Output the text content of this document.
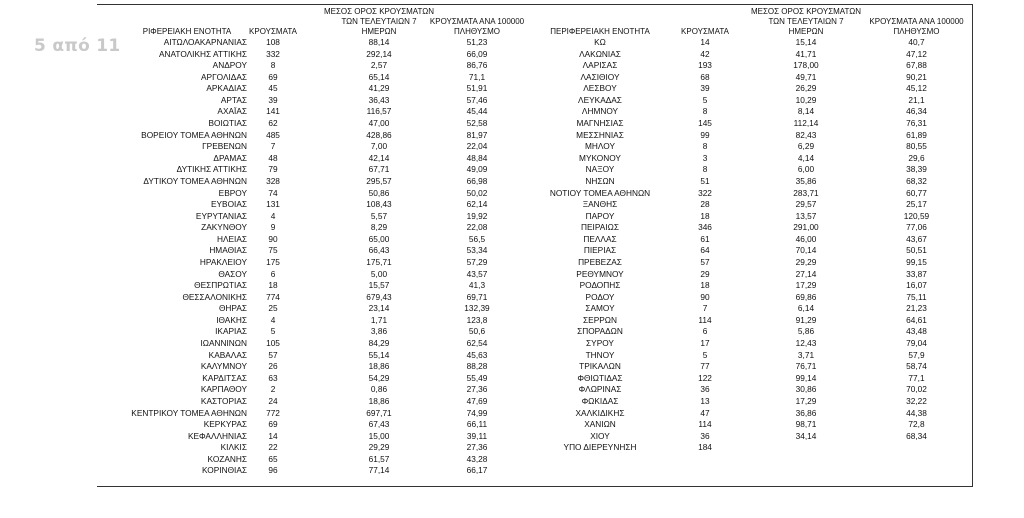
5 από 11
ΡΙΦΕΡΕΙΑΚΗ ΕΝΟΤΗΤΑ	ΚΡΟΥΣΜΑΤΑ
ΜΕΣΟΣ ΟΡΟΣ ΚΡΟΥΣΜΑΤΩΝ ΤΩΝ ΤΕΛΕΥΤΑΙΩΝ 7 ΗΜΕΡΩΝ
ΚΡΟΥΣΜΑΤΑ ΑΝΑ 100000 ΠΛΗΘΥΣΜΟ
ΑΙΤΩΛΟΑΚΑΡΝΑΝΙΑΣ	108	88,14	51,23
ΑΝΑΤΟΛΙΚΗΣ ΑΤΤΙΚΗΣ	332	292,14	66,09
ΑΝΔΡΟΥ	8	2,57	86,76
ΑΡΓΟΛΙΔΑΣ	69	65,14	71,1
ΑΡΚΑΔΙΑΣ	45	41,29	51,91
ΑΡΤΑΣ	39	36,43	57,46
ΑΧΑΪΑΣ	141	116,57	45,44
ΒΟΙΩΤΙΑΣ	62	47,00	52,58
ΒΟΡΕΙΟΥ ΤΟΜΕΑ ΑΘΗΝΩΝ	485	428,86	81,97
ΓΡΕΒΕΝΩΝ	7	7,00	22,04
ΔΡΑΜΑΣ	48	42,14	48,84
ΔΥΤΙΚΗΣ ΑΤΤΙΚΗΣ	79	67,71	49,09
ΔΥΤΙΚΟΥ ΤΟΜΕΑ ΑΘΗΝΩΝ	328	295,57	66,98
ΕΒΡΟΥ	74	50,86	50,02
ΕΥΒΟΙΑΣ	131	108,43	62,14
ΕΥΡΥΤΑΝΙΑΣ	4	5,57	19,92
ΖΑΚΥΝΘΟΥ	9	8,29	22,08
ΗΛΕΙΑΣ	90	65,00	56,5
ΗΜΑΘΙΑΣ	75	66,43	53,34
ΗΡΑΚΛΕΙΟΥ	175	175,71	57,29
ΘΑΣΟΥ	6	5,00	43,57
ΘΕΣΠΡΩΤΙΑΣ	18	15,57	41,3
ΘΕΣΣΑΛΟΝΙΚΗΣ	774	679,43	69,71
ΘΗΡΑΣ	25	23,14	132,39
ΙΘΑΚΗΣ	4	1,71	123,8
ΙΚΑΡΙΑΣ	5	3,86	50,6
ΙΩΑΝΝΙΝΩΝ	105	84,29	62,54
ΚΑΒΑΛΑΣ	57	55,14	45,63
ΚΑΛΥΜΝΟΥ	26	18,86	88,28
ΚΑΡΔΙΤΣΑΣ	63	54,29	55,49
ΚΑΡΠΑΘΟΥ	2	0,86	27,36
ΚΑΣΤΟΡΙΑΣ	24	18,86	47,69
ΚΕΝΤΡΙΚΟΥ ΤΟΜΕΑ ΑΘΗΝΩΝ	772	697,71	74,99
ΚΕΡΚΥΡΑΣ	69	67,43	66,11
ΚΕΦΑΛΛΗΝΙΑΣ	14	15,00	39,11
ΚΙΛΚΙΣ	22	29,29	27,36
ΚΟΖΑΝΗΣ	65	61,57	43,28
ΚΟΡΙΝΘΙΑΣ	96	77,14	66,17
ΠΕΡΙΦΕΡΕΙΑΚΗ ΕΝΟΤΗΤΑ	ΚΡΟΥΣΜΑΤΑ
ΜΕΣΟΣ ΟΡΟΣ ΚΡΟΥΣΜΑΤΩΝ ΤΩΝ ΤΕΛΕΥΤΑΙΩΝ 7 ΗΜΕΡΩΝ
ΚΡΟΥΣΜΑΤΑ ΑΝΑ 100000 ΠΛΗΘΥΣΜΟ
ΚΩ	14	15,14	40,7
ΛΑΚΩΝΙΑΣ	42	41,71	47,12
ΛΑΡΙΣΑΣ	193	178,00	67,88
ΛΑΣΙΘΙΟΥ	68	49,71	90,21
ΛΕΣΒΟΥ	39	26,29	45,12
ΛΕΥΚΑΔΑΣ	5	10,29	21,1
ΛΗΜΝΟΥ	8	8,14	46,34
ΜΑΓΝΗΣΙΑΣ	145	112,14	76,31
ΜΕΣΣΗΝΙΑΣ	99	82,43	61,89
ΜΗΛΟΥ	8	6,29	80,55
ΜΥΚΟΝΟΥ	3	4,14	29,6
ΝΑΞΟΥ	8	6,00	38,39
ΝΗΣΩΝ	51	35,86	68,32
ΝΟΤΙΟΥ ΤΟΜΕΑ ΑΘΗΝΩΝ	322	283,71	60,77
ΞΑΝΘΗΣ	28	29,57	25,17
ΠΑΡΟΥ	18	13,57	120,59
ΠΕΙΡΑΙΩΣ	346	291,00	77,06
ΠΕΛΛΑΣ	61	46,00	43,67
ΠΙΕΡΙΑΣ	64	70,14	50,51
ΠΡΕΒΕΖΑΣ	57	29,29	99,15
ΡΕΘΥΜΝΟΥ	29	27,14	33,87
ΡΟΔΟΠΗΣ	18	17,29	16,07
ΡΟΔΟΥ	90	69,86	75,11
ΣΑΜΟΥ	7	6,14	21,23
ΣΕΡΡΩΝ	114	91,29	64,61
ΣΠΟΡΑΔΩΝ	6	5,86	43,48
ΣΥΡΟΥ	17	12,43	79,04
ΤΗΝΟΥ	5	3,71	57,9
ΤΡΙΚΑΛΩΝ	77	76,71	58,74
ΦΘΙΩΤΙΔΑΣ	122	99,14	77,1
ΦΛΩΡΙΝΑΣ	36	30,86	70,02
ΦΩΚΙΔΑΣ	13	17,29	32,22
ΧΑΛΚΙΔΙΚΗΣ	47	36,86	44,38
ΧΑΝΙΩΝ	114	98,71	72,8
ΧΙΟΥ	36	34,14	68,34
ΥΠΟ ΔΙΕΡΕΥΝΗΣΗ	184
